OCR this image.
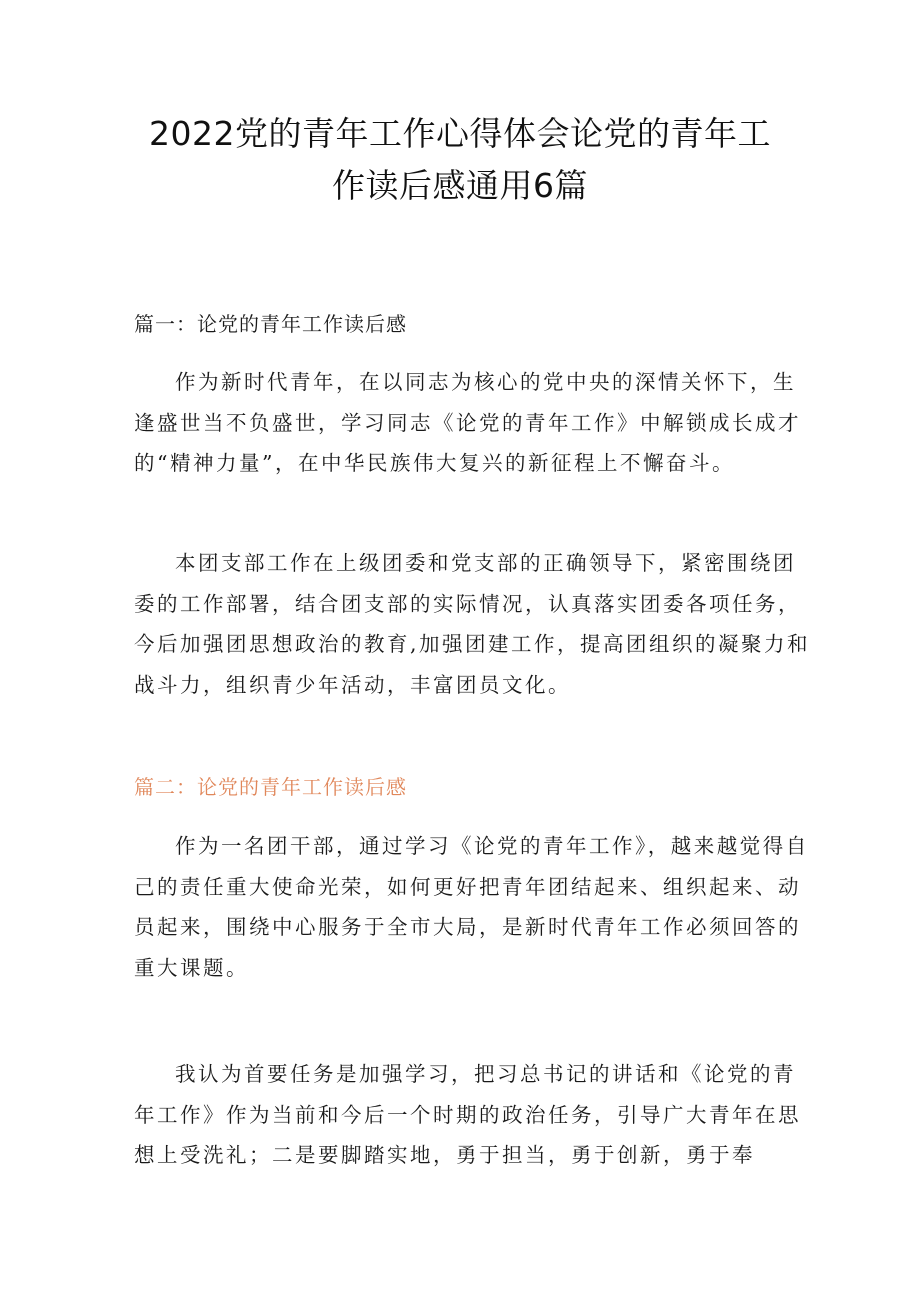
2022党的青年工作心得体会论党的青年工
作读后感通用6篇
篇一：论党的青年工作读后感

作为新时代青年，在以同志为核心的党中央的深情关怀下，生逢盛世当不负盛世，学习同志《论党的青年工作》中解锁成长成才的“精神力量”，在中华民族伟大复兴的新征程上不懈奋斗。

本团支部工作在上级团委和党支部的正确领导下，紧密围绕团委的工作部署，结合团支部的实际情况，认真落实团委各项任务，今后加强团思想政治的教育,加强团建工作，提高团组织的凝聚力和战斗力，组织青少年活动，丰富团员文化。

篇二：论党的青年工作读后感

作为一名团干部，通过学习《论党的青年工作》，越来越觉得自己的责任重大使命光荣，如何更好把青年团结起来、组织起来、动员起来，围绕中心服务于全市大局，是新时代青年工作必须回答的重大课题。

我认为首要任务是加强学习，把习总书记的讲话和《论党的青年工作》作为当前和今后一个时期的政治任务，引导广大青年在思想上受洗礼；二是要脚踏实地，勇于担当，勇于创新，勇于奉
